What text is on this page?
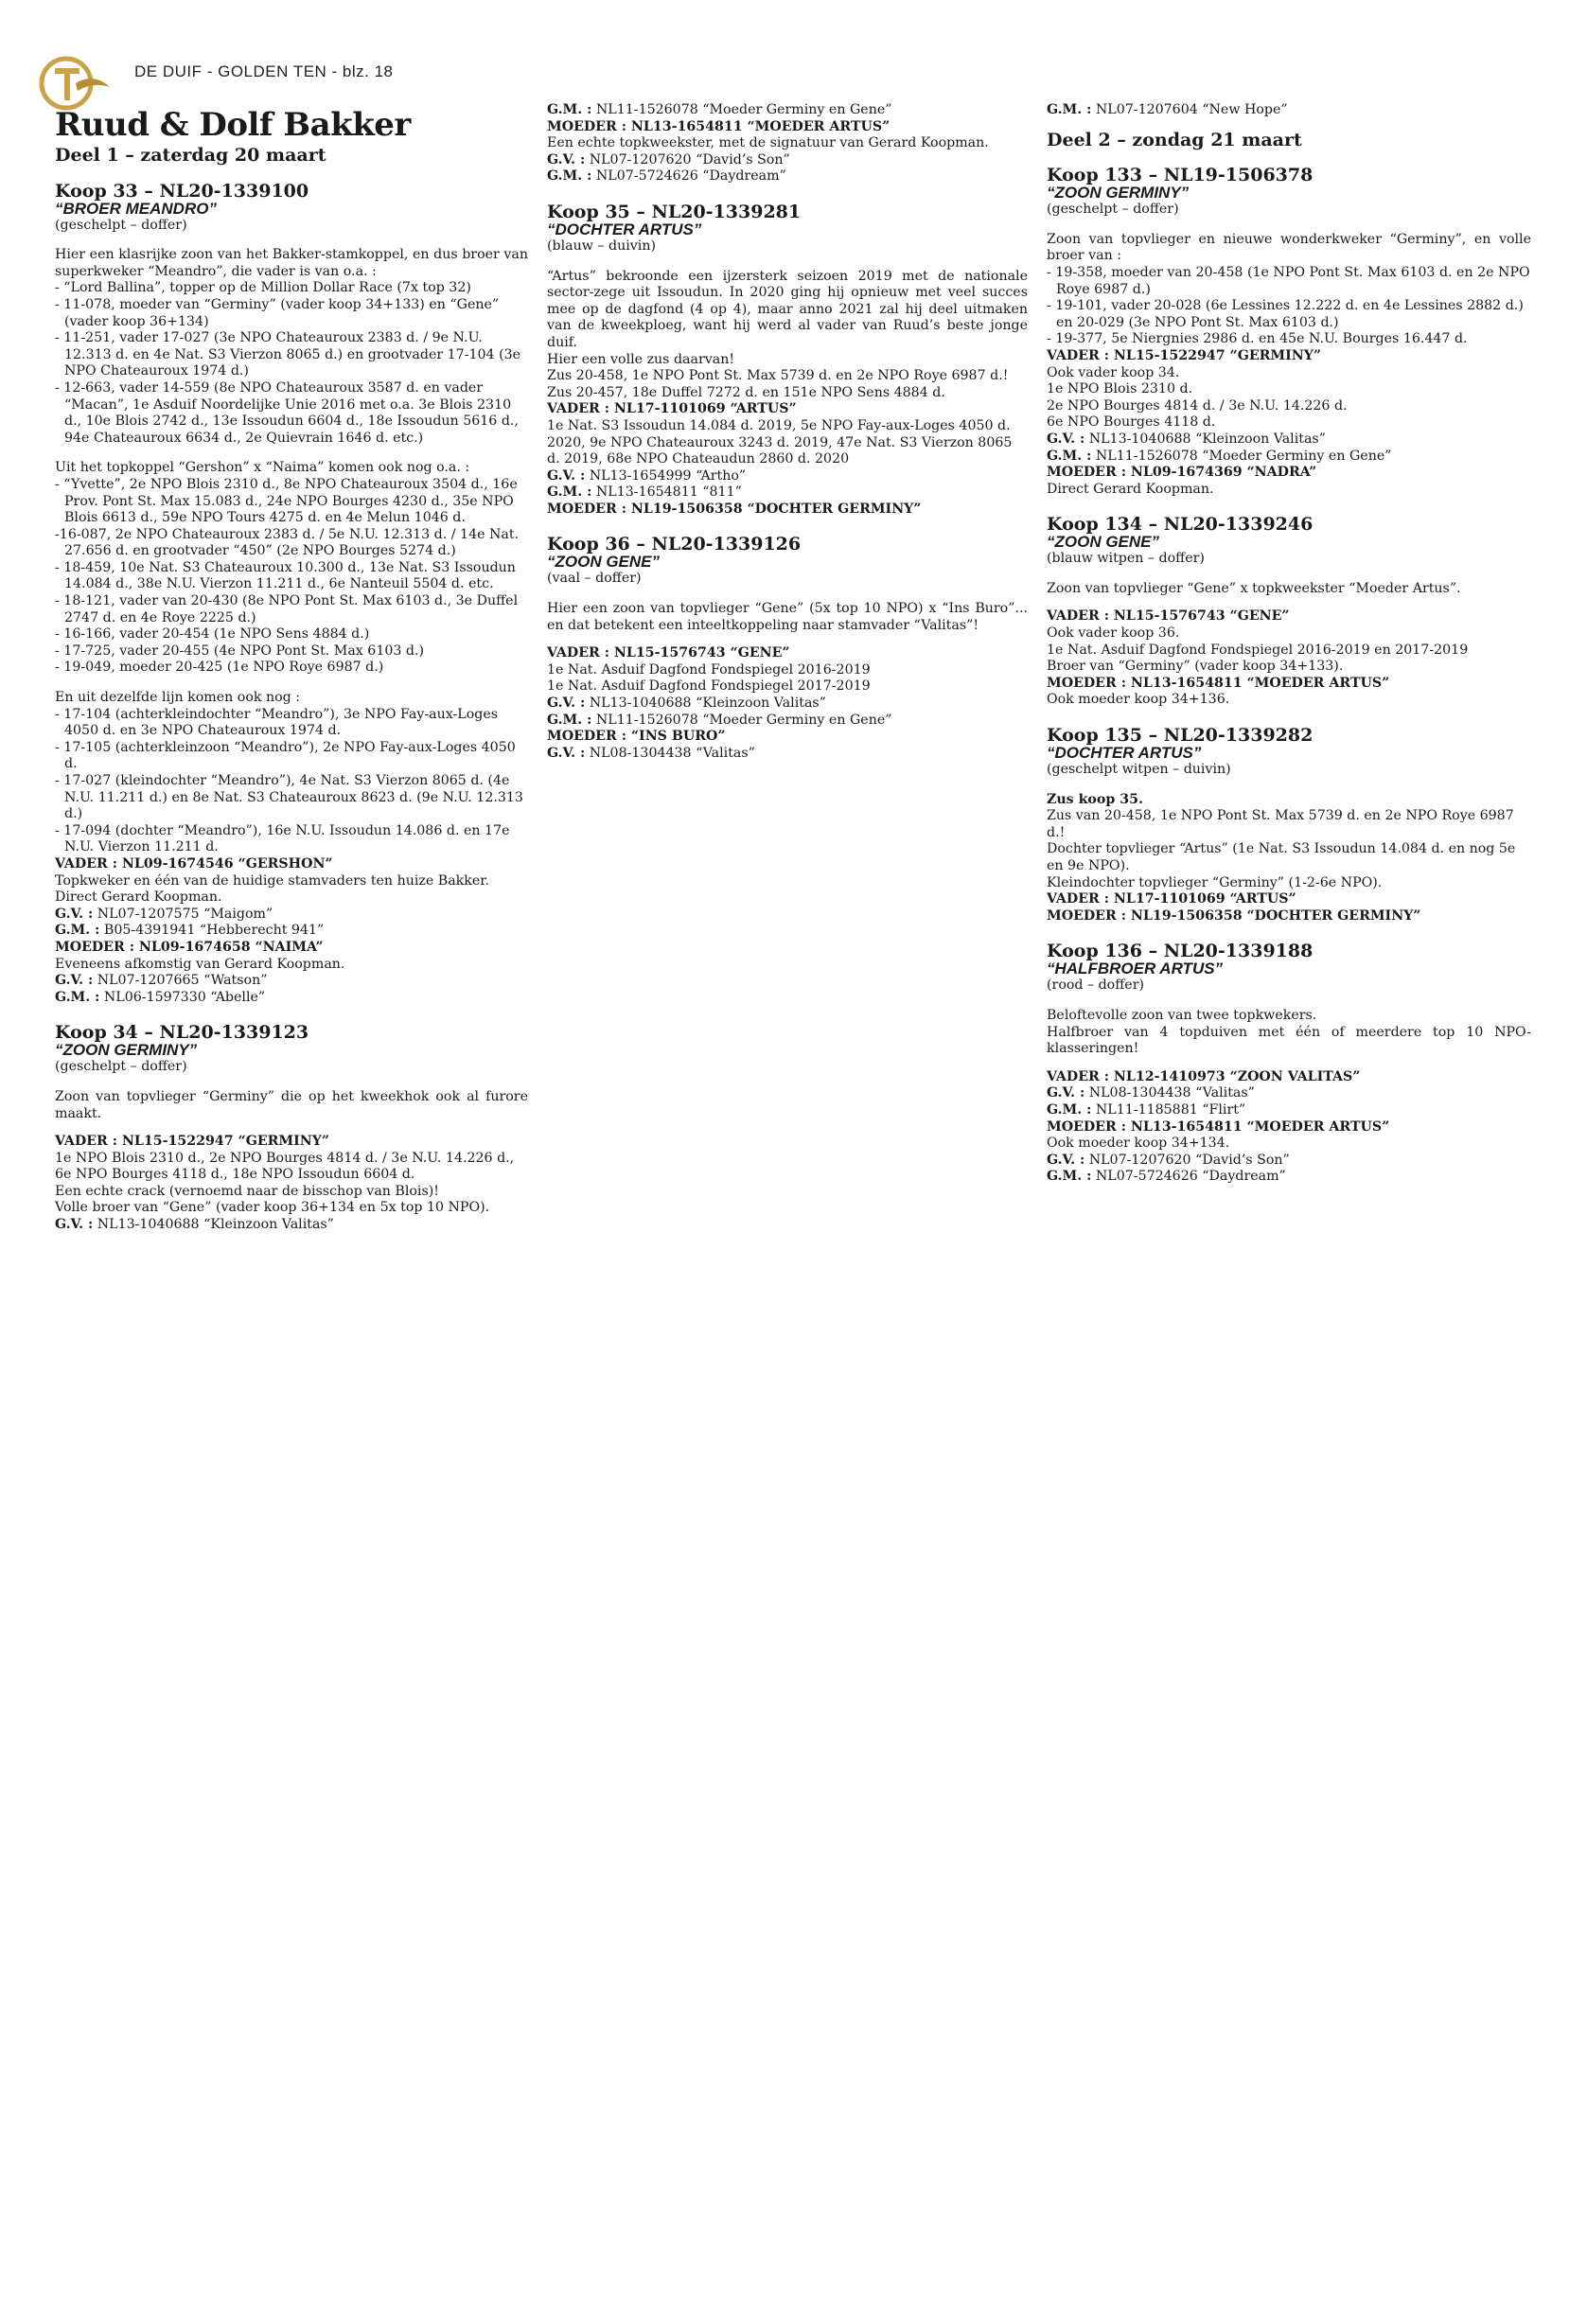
DE DUIF - GOLDEN TEN - blz. 18
Ruud & Dolf Bakker
Deel 1 – zaterdag 20 maart
Koop 33 – NL20-1339100
“BROER MEANDRO”
(geschelpt – doffer)

Hier een klasrijke zoon van het Bakker-stamkoppel, en dus broer van superkweker “Meandro”, die vader is van o.a. :

- “Lord Ballina”, topper op de Million Dollar Race (7x top 32)
- 11-078, moeder van “Germiny” (vader koop 34+133) en “Gene” (vader koop 36+134)
- 11-251, vader 17-027 (3e NPO Chateauroux 2383 d. / 9e N.U. 12.313 d. en 4e Nat. S3 Vierzon 8065 d.) en grootvader 17-104 (3e NPO Chateauroux 1974 d.)
- 12-663, vader 14-559 (8e NPO Chateauroux 3587 d. en vader “Macan”, 1e Asduif Noordelijke Unie 2016 met o.a. 3e Blois 2310 d., 10e Blois 2742 d., 13e Issoudun 6604 d., 18e Issoudun 5616 d., 94e Chateauroux 6634 d., 2e Quievrain 1646 d. etc.)

Uit het topkoppel “Gershon” x “Naima” komen ook nog o.a. :

- “Yvette”, 2e NPO Blois 2310 d., 8e NPO Chateauroux 3504 d., 16e Prov. Pont St. Max 15.083 d., 24e NPO Bourges 4230 d., 35e NPO Blois 6613 d., 59e NPO Tours 4275 d. en 4e Melun 1046 d.
-16-087, 2e NPO Chateauroux 2383 d. / 5e N.U. 12.313 d. / 14e Nat. 27.656 d. en grootvader “450” (2e NPO Bourges 5274 d.)
- 18-459, 10e Nat. S3 Chateauroux 10.300 d., 13e Nat. S3 Issoudun 14.084 d., 38e N.U. Vierzon 11.211 d., 6e Nanteuil 5504 d. etc.
- 18-121, vader van 20-430 (8e NPO Pont St. Max 6103 d., 3e Duffel 2747 d. en 4e Roye 2225 d.)
- 16-166, vader 20-454 (1e NPO Sens 4884 d.)
- 17-725, vader 20-455 (4e NPO Pont St. Max 6103 d.)
- 19-049, moeder 20-425 (1e NPO Roye 6987 d.)

En uit dezelfde lijn komen ook nog :

- 17-104 (achterkleindochter “Meandro”), 3e NPO Fay-aux-Loges 4050 d. en 3e NPO Chateauroux 1974 d.
- 17-105 (achterkleinzoon “Meandro”), 2e NPO Fay-aux-Loges 4050 d.
- 17-027 (kleindochter “Meandro”), 4e Nat. S3 Vierzon 8065 d. (4e N.U. 11.211 d.) en 8e Nat. S3 Chateauroux 8623 d. (9e N.U. 12.313 d.)
- 17-094 (dochter “Meandro”), 16e N.U. Issoudun 14.086 d. en 17e N.U. Vierzon 11.211 d.
VADER : NL09-1674546 “GERSHON”
Topkweker en één van de huidige stamvaders ten huize Bakker.
Direct Gerard Koopman.
G.V. : NL07-1207575 “Maigom”
G.M. : B05-4391941 “Hebberecht 941”
MOEDER : NL09-1674658 “NAIMA”
Eveneens afkomstig van Gerard Koopman.
G.V. : NL07-1207665 “Watson”
G.M. : NL06-1597330 “Abelle”
Koop 34 – NL20-1339123
“ZOON GERMINY”
(geschelpt – doffer)

Zoon van topvlieger “Germiny” die op het kweekhok ook al furore maakt.

VADER : NL15-1522947 “GERMINY”
1e NPO Blois 2310 d., 2e NPO Bourges 4814 d. / 3e N.U. 14.226 d., 6e NPO Bourges 4118 d., 18e NPO Issoudun 6604 d.
Een echte crack (vernoemd naar de bisschop van Blois)!
Volle broer van “Gene” (vader koop 36+134 en 5x top 10 NPO).
G.V. : NL13-1040688 “Kleinzoon Valitas”
G.M. : NL11-1526078 “Moeder Germiny en Gene”
MOEDER : NL13-1654811 “MOEDER ARTUS”
Een echte topkweekster, met de signatuur van Gerard Koopman.
G.V. : NL07-1207620 “David’s Son”
G.M. : NL07-5724626 “Daydream”
Koop 35 – NL20-1339281
“DOCHTER ARTUS”
(blauw – duivin)

“Artus” bekroonde een ijzersterk seizoen 2019 met de nationale sector-zege uit Issoudun. In 2020 ging hij opnieuw met veel succes mee op de dagfond (4 op 4), maar anno 2021 zal hij deel uitmaken van de kweekploeg, want hij werd al vader van Ruud’s beste jonge duif.

Hier een volle zus daarvan!
Zus 20-458, 1e NPO Pont St. Max 5739 d. en 2e NPO Roye 6987 d.!
Zus 20-457, 18e Duffel 7272 d. en 151e NPO Sens 4884 d.
VADER : NL17-1101069 “ARTUS”
1e Nat. S3 Issoudun 14.084 d. 2019, 5e NPO Fay-aux-Loges 4050 d. 2020, 9e NPO Chateauroux 3243 d. 2019, 47e Nat. S3 Vierzon 8065 d. 2019, 68e NPO Chateaudun 2860 d. 2020
G.V. : NL13-1654999 “Artho”
G.M. : NL13-1654811 “811”
MOEDER : NL19-1506358 “DOCHTER GERMINY”
Koop 36 – NL20-1339126
“ZOON GENE”
(vaal – doffer)

Hier een zoon van topvlieger “Gene” (5x top 10 NPO) x “Ins Buro”... en dat betekent een inteeltkoppeling naar stamvader “Valitas”!

VADER : NL15-1576743 “GENE”
1e Nat. Asduif Dagfond Fondspiegel 2016-2019
1e Nat. Asduif Dagfond Fondspiegel 2017-2019
G.V. : NL13-1040688 “Kleinzoon Valitas”
G.M. : NL11-1526078 “Moeder Germiny en Gene”
MOEDER : “INS BURO”
G.V. : NL08-1304438 “Valitas”
G.M. : NL07-1207604 “New Hope”
Deel 2 – zondag 21 maart
Koop 133 – NL19-1506378
“ZOON GERMINY”
(geschelpt – doffer)

Zoon van topvlieger en nieuwe wonderkweker “Germiny”, en volle broer van :

- 19-358, moeder van 20-458 (1e NPO Pont St. Max 6103 d. en 2e NPO Roye 6987 d.)
- 19-101, vader 20-028 (6e Lessines 12.222 d. en 4e Lessines 2882 d.) en 20-029 (3e NPO Pont St. Max 6103 d.)
- 19-377, 5e Niergnies 2986 d. en 45e N.U. Bourges 16.447 d.
VADER : NL15-1522947 “GERMINY”
Ook vader koop 34.
1e NPO Blois 2310 d.
2e NPO Bourges 4814 d. / 3e N.U. 14.226 d.
6e NPO Bourges 4118 d.
G.V. : NL13-1040688 “Kleinzoon Valitas”
G.M. : NL11-1526078 “Moeder Germiny en Gene”
MOEDER : NL09-1674369 “NADRA”
Direct Gerard Koopman.
Koop 134 – NL20-1339246
“ZOON GENE”
(blauw witpen – doffer)

Zoon van topvlieger “Gene” x topkweekster “Moeder Artus”.

VADER : NL15-1576743 “GENE”
Ook vader koop 36.
1e Nat. Asduif Dagfond Fondspiegel 2016-2019 en 2017-2019
Broer van “Germiny” (vader koop 34+133).
MOEDER : NL13-1654811 “MOEDER ARTUS”
Ook moeder koop 34+136.
Koop 135 – NL20-1339282
“DOCHTER ARTUS”
(geschelpt witpen – duivin)
Zus koop 35.
Zus van 20-458, 1e NPO Pont St. Max 5739 d. en 2e NPO Roye 6987 d.!
Dochter topvlieger “Artus” (1e Nat. S3 Issoudun 14.084 d. en nog 5e en 9e NPO).
Kleindochter topvlieger “Germiny” (1-2-6e NPO).
VADER : NL17-1101069 “ARTUS”
MOEDER : NL19-1506358 “DOCHTER GERMINY”
Koop 136 – NL20-1339188
“HALFBROER ARTUS”
(rood – doffer)
Beloftevolle zoon van twee topkwekers.

Halfbroer van 4 topduiven met één of meerdere top 10 NPO-klasseringen!

VADER : NL12-1410973 “ZOON VALITAS”
G.V. : NL08-1304438 “Valitas”
G.M. : NL11-1185881 “Flirt”
MOEDER : NL13-1654811 “MOEDER ARTUS”
Ook moeder koop 34+134.
G.V. : NL07-1207620 “David’s Son”
G.M. : NL07-5724626 “Daydream”
